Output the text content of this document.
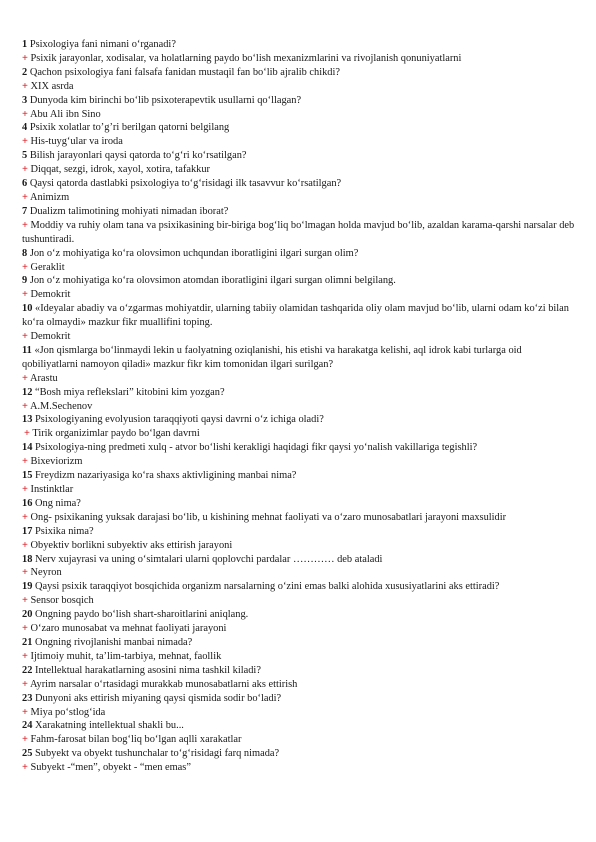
1 Psixologiya fani nimani o‘rganadi?
+ Psixik jarayonlar, xodisalar, va holatlarning paydo bo‘lish mexanizmlarini va rivojlanish qonuniyatlarni
2 Qachon psixologiya fani falsafa fanidan mustaqil fan bo‘lib ajralib chikdi?
+ XIX asrda
3 Dunyoda kim birinchi bo‘lib psixoterapevtik usullarni qo‘llagan?
+ Abu Ali ibn Sino
4 Psixik xolatlar to’g’ri berilgan qatorni belgilang
+ His-tuyg‘ular va iroda
5 Bilish jarayonlari qaysi qatorda to‘g‘ri ko‘rsatilgan?
+ Diqqat, sezgi, idrok, xayol, xotira, tafakkur
6 Qaysi qatorda dastlabki psixologiya to‘g‘risidagi ilk tasavvur ko‘rsatilgan?
+ Animizm
7 Dualizm talimotining mohiyati nimadan iborat?
+ Moddiy va ruhiy olam tana va psixikasining bir-biriga bog‘liq bo‘lmagan holda mavjud bo‘lib, azaldan karama-qarshi narsalar deb tushuntiradi.
8 Jon o‘z mohiyatiga ko‘ra olovsimon uchqundan iboratligini ilgari surgan olim?
+ Geraklit
9 Jon o‘z mohiyatiga ko‘ra olovsimon atomdan iboratligini ilgari surgan olimni belgilang.
+ Demokrit
10 «Ideyalar abadiy va o‘zgarmas mohiyatdir, ularning tabiiy olamidan tashqarida oliy olam mavjud bo‘lib, ularni odam ko‘zi bilan ko‘ra olmaydi» mazkur fikr muallifini toping.
+ Demokrit
11 «Jon qismlarga bo‘linmaydi lekin u faolyatning oziqlanishi, his etishi va harakatga kelishi, aql idrok kabi turlarga oid qobiliyatlarni namoyon qiladi» mazkur fikr kim tomonidan ilgari surilgan?
+ Arastu
12 “Bosh miya reflekslari” kitobini kim yozgan?
+ A.M.Sechenov
13 Psixologiyaning evolyusion taraqqiyoti qaysi davrni o‘z ichiga oladi?
+ Tirik organizimlar paydo bo‘lgan davrni
14 Psixologiya-ning predmeti xulq - atvor bo‘lishi kerakligi haqidagi fikr qaysi yo‘nalish vakillariga tegishli?
+ Bixeviorizm
15 Freydizm nazariyasiga ko‘ra shaxs aktivligining manbai nima?
+ Instinktlar
16 Ong nima?
+ Ong- psixikaning yuksak darajasi bo‘lib, u kishining mehnat faoliyati va o‘zaro munosabatlari jarayoni maxsulidir
17 Psixika nima?
+ Obyektiv borlikni subyektiv aks ettirish jarayoni
18 Nerv xujayrasi va uning o‘simtalari ularni qoplovchi pardalar ………… deb ataladi
+ Neyron
19 Qaysi psixik taraqqiyot bosqichida organizm narsalarning o‘zini emas balki alohida xususiyatlarini aks ettiradi?
+ Sensor bosqich
20 Ongning paydo bo‘lish shart-sharoitlarini aniqlang.
+ O‘zaro munosabat va mehnat faoliyati jarayoni
21 Ongning rivojlanishi manbai nimada?
+ Ijtimoiy muhit, ta’lim-tarbiya, mehnat, faollik
22 Intellektual harakatlarning asosini nima tashkil kiladi?
+ Ayrim narsalar o‘rtasidagi murakkab munosabatlarni aks ettirish
23 Dunyoni aks ettirish miyaning qaysi qismida sodir bo‘ladi?
+ Miya po‘stlog‘ida
24 Xarakatning intellektual shakli bu...
+ Fahm-farosat bilan bog‘liq bo‘lgan aqlli xarakatlar
25 Subyekt va obyekt tushunchalar to‘g‘risidagi farq nimada?
+ Subyekt -“men”, obyekt - “men emas”
